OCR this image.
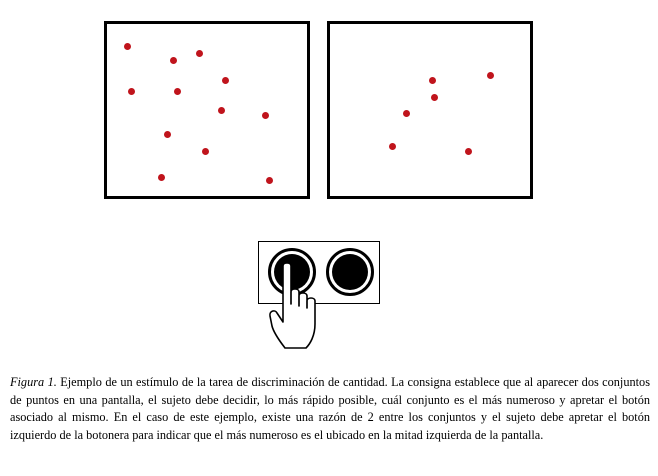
Figura 1. Ejemplo de un estímulo de la tarea de discriminación de cantidad. La consigna establece que al aparecer dos conjuntos de puntos en una pantalla, el sujeto debe decidir, lo más rápido posible, cuál conjunto es el más numeroso y apretar el botón asociado al mismo. En el caso de este ejemplo, existe una razón de 2 entre los conjuntos y el sujeto debe apretar el botón izquierdo de la botonera para indicar que el más numeroso es el ubicado en la mitad izquierda de la pantalla.
